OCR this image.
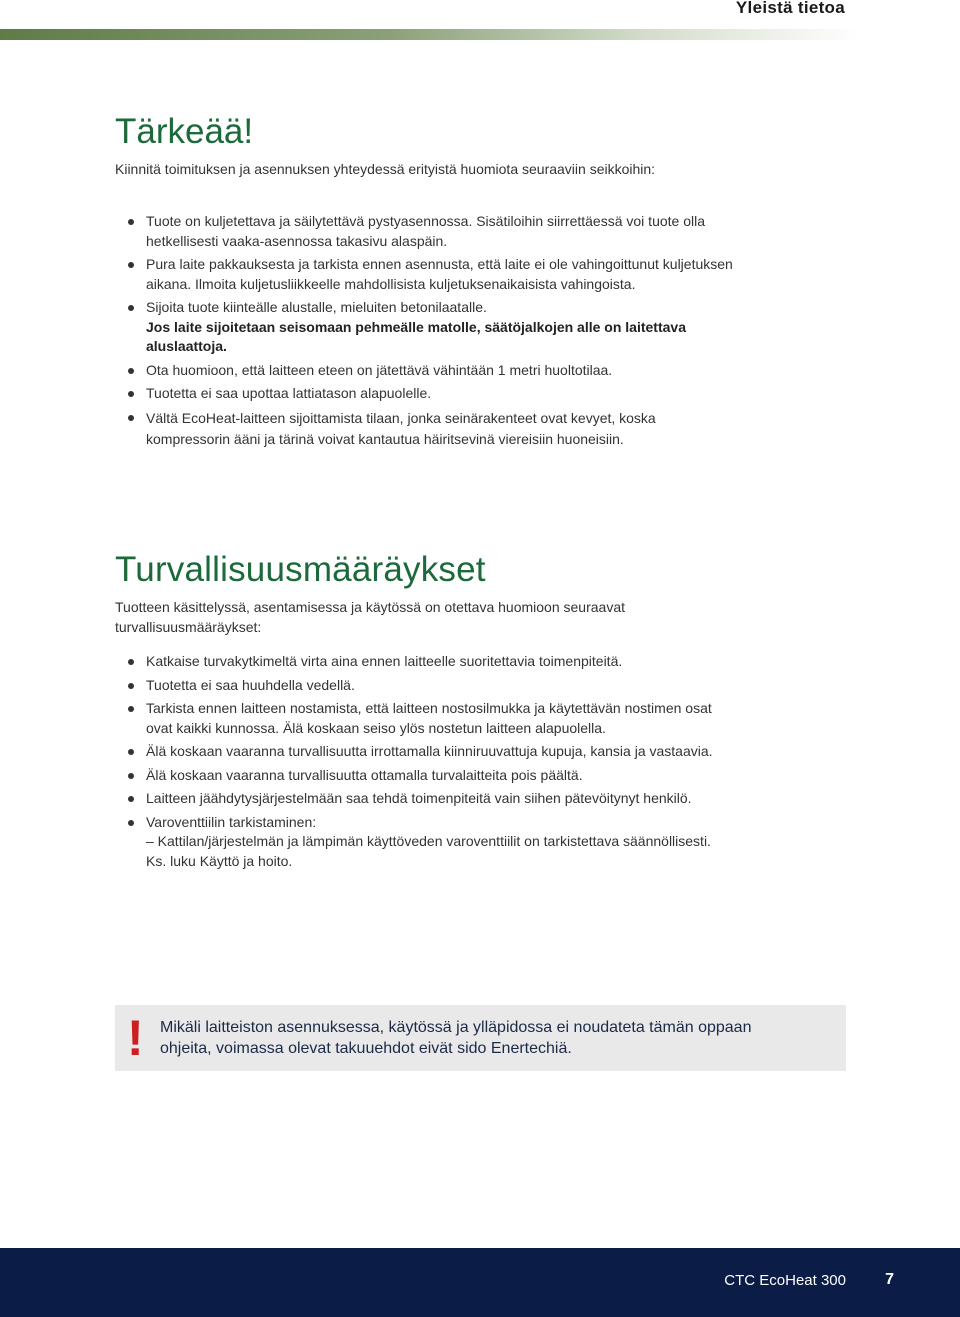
Yleistä tietoa
Tärkeää!

Kiinnitä toimituksen ja asennuksen yhteydessä erityistä huomiota seuraaviin seikkoihin:

Tuote on kuljetettava ja säilytettävä pystyasennossa. Sisätiloihin siirrettäessä voi tuote olla hetkellisesti vaaka-asennossa takasivu alaspäin.
Pura laite pakkauksesta ja tarkista ennen asennusta, että laite ei ole vahingoittunut kuljetuksen aikana. Ilmoita kuljetusliikkeelle mahdollisista kuljetuksenaikaisista vahingoista.
Sijoita tuote kiinteälle alustalle, mieluiten betonilaatalle.
Jos laite sijoitetaan seisomaan pehmeälle matolle, säätöjalkojen alle on laitettava aluslaattoja.
Ota huomioon, että laitteen eteen on jätettävä vähintään 1 metri huoltotilaa.
Tuotetta ei saa upottaa lattiatason alapuolelle.
Vältä EcoHeat-laitteen sijoittamista tilaan, jonka seinärakenteet ovat kevyet, koska kompressorin ääni ja tärinä voivat kantautua häiritsevinä viereisiin huoneisiin.
Turvallisuusmääräykset

Tuotteen käsittelyssä, asentamisessa ja käytössä on otettava huomioon seuraavat turvallisuusmääräykset:

Katkaise turvakytkimeltä virta aina ennen laitteelle suoritettavia toimenpiteitä.
Tuotetta ei saa huuhdella vedellä.
Tarkista ennen laitteen nostamista, että laitteen nostosilmukka ja käytettävän nostimen osat ovat kaikki kunnossa. Älä koskaan seiso ylös nostetun laitteen alapuolella.
Älä koskaan vaaranna turvallisuutta irrottamalla kiinniruuvattuja kupuja, kansia ja vastaavia.
Älä koskaan vaaranna turvallisuutta ottamalla turvalaitteita pois päältä.
Laitteen jäähdytysjärjestelmään saa tehdä toimenpiteitä vain siihen pätevöitynyt henkilö.
Varoventtiilin tarkistaminen:
– Kattilan/järjestelmän ja lämpimän käyttöveden varoventtiilit on tarkistettava säännöllisesti. Ks. luku Käyttö ja hoito.
! Mikäli laitteiston asennuksessa, käytössä ja ylläpidossa ei noudateta tämän oppaan ohjeita, voimassa olevat takuuehdot eivät sido Enertechiä.
CTC EcoHeat 300 7
